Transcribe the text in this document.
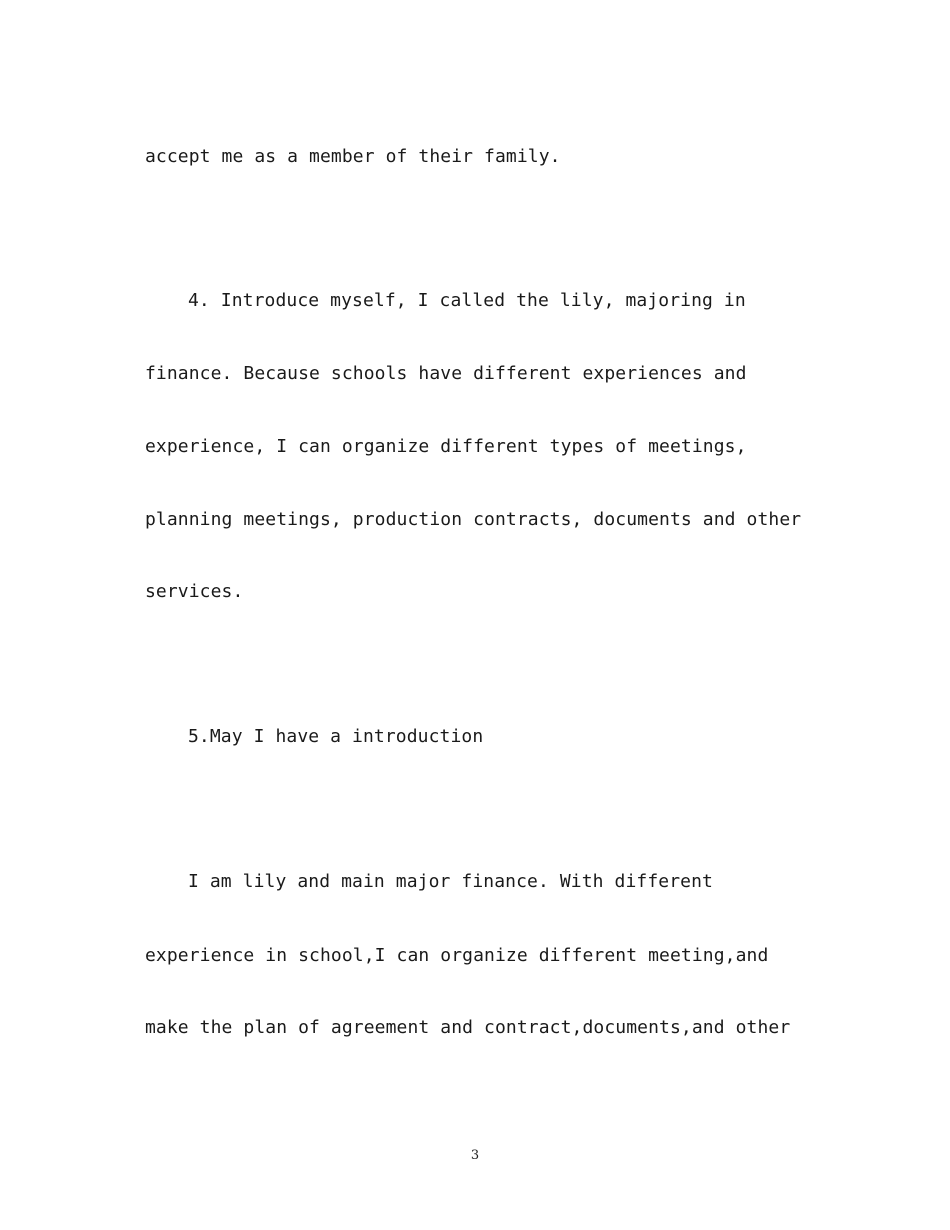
accept me as a member of their family.
4. Introduce myself, I called the lily, majoring in
finance. Because schools have different experiences and
experience, I can organize different types of meetings,
planning meetings, production contracts, documents and other
services.
5.May I have a introduction
I am lily and main major finance. With different
experience in school,I can organize different meeting,and
make the plan of agreement and contract,documents,and other
3
